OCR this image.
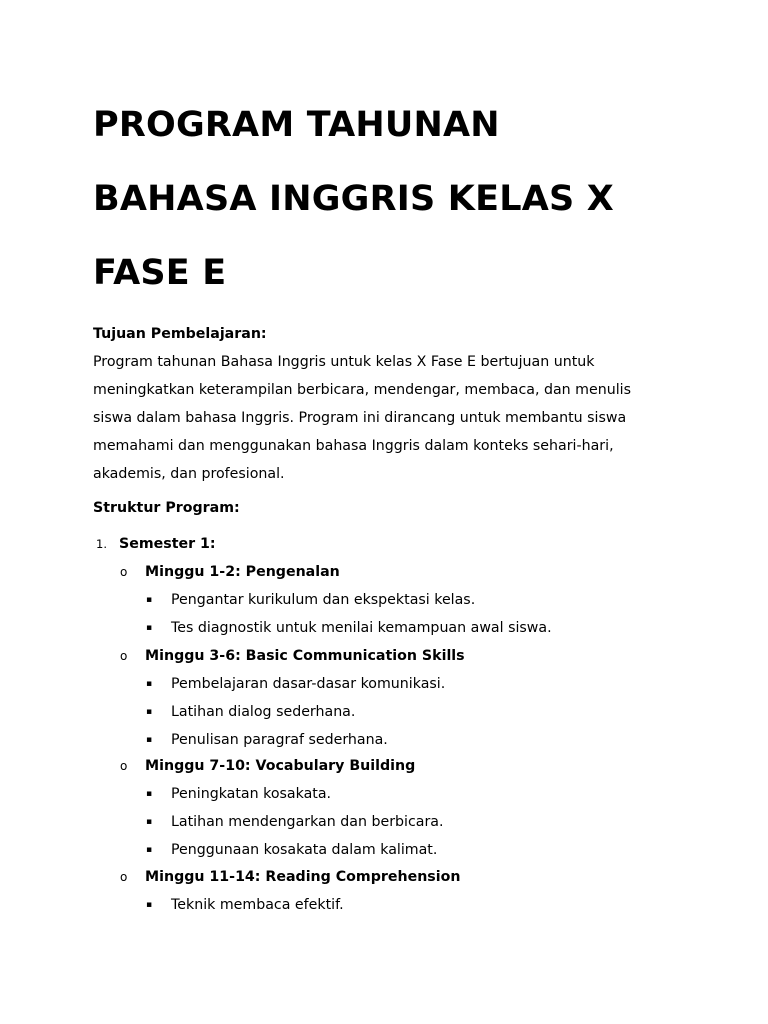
PROGRAM TAHUNAN
BAHASA INGGRIS KELAS X
FASE E
Tujuan Pembelajaran:
Program tahunan Bahasa Inggris untuk kelas X Fase E bertujuan untuk
meningkatkan keterampilan berbicara, mendengar, membaca, dan menulis
siswa dalam bahasa Inggris. Program ini dirancang untuk membantu siswa
memahami dan menggunakan bahasa Inggris dalam konteks sehari-hari,
akademis, dan profesional.
Struktur Program:
1. Semester 1:
o Minggu 1-2: Pengenalan
▪ Pengantar kurikulum dan ekspektasi kelas.
▪ Tes diagnostik untuk menilai kemampuan awal siswa.
o Minggu 3-6: Basic Communication Skills
▪ Pembelajaran dasar-dasar komunikasi.
▪ Latihan dialog sederhana.
▪ Penulisan paragraf sederhana.
o Minggu 7-10: Vocabulary Building
▪ Peningkatan kosakata.
▪ Latihan mendengarkan dan berbicara.
▪ Penggunaan kosakata dalam kalimat.
o Minggu 11-14: Reading Comprehension
▪ Teknik membaca efektif.
